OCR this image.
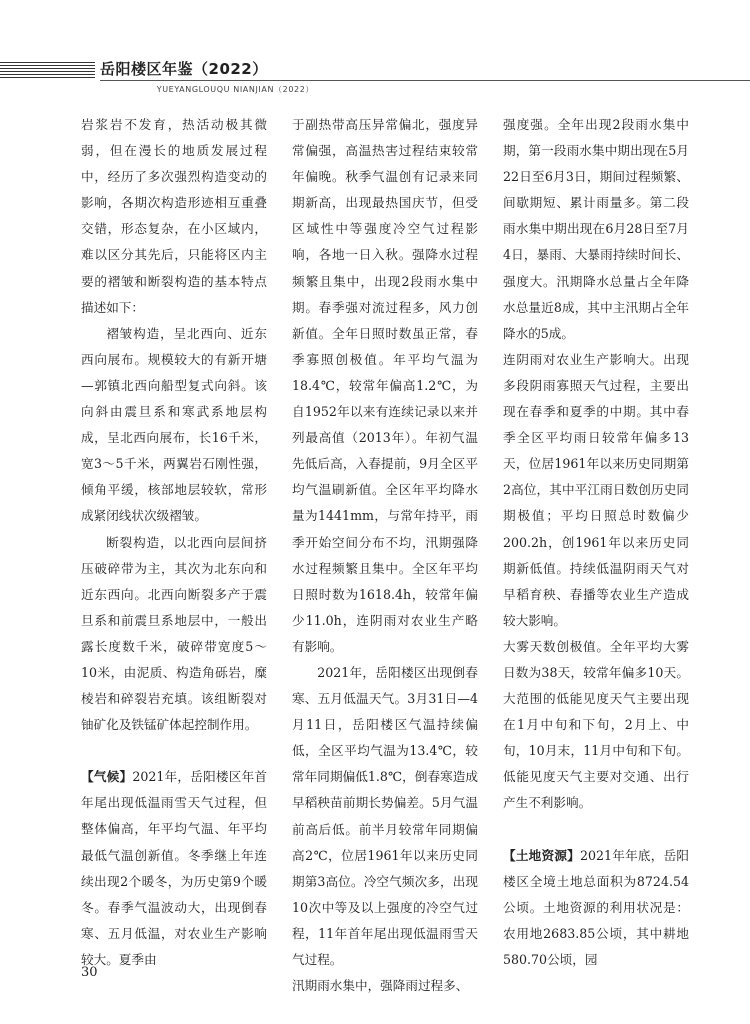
岳阳楼区年鉴（2022）
YUEYANGLOUQU NIANJIAN（2022）

岩浆岩不发育，热活动极其微弱，但在漫长的地质发展过程中，经历了多次强烈构造变动的影响，各期次构造形迹相互重叠交错，形态复杂，在小区域内，难以区分其先后，只能将区内主要的褶皱和断裂构造的基本特点描述如下：

褶皱构造，呈北西向、近东西向展布。规模较大的有新开塘—郭镇北西向船型复式向斜。该向斜由震旦系和寒武系地层构成，呈北西向展布，长16千米，宽3～5千米，两翼岩石刚性强，倾角平缓，核部地层较软，常形成紧闭线状次级褶皱。

断裂构造，以北西向层间挤压破碎带为主，其次为北东向和近东西向。北西向断裂多产于震旦系和前震旦系地层中，一般出露长度数千米，破碎带宽度5～10米，由泥质、构造角砾岩，糜棱岩和碎裂岩充填。该组断裂对铀矿化及铁锰矿体起控制作用。

【气候】2021年，岳阳楼区年首年尾出现低温雨雪天气过程，但整体偏高，年平均气温、年平均最低气温创新值。冬季继上年连续出现2个暖冬，为历史第9个暖冬。春季气温波动大，出现倒春寒、五月低温，对农业生产影响较大。夏季由

于副热带高压异常偏北，强度异常偏强，高温热害过程结束较常年偏晚。秋季气温创有记录来同期新高，出现最热国庆节，但受区域性中等强度冷空气过程影响，各地一日入秋。强降水过程频繁且集中，出现2段雨水集中期。春季强对流过程多，风力创新值。全年日照时数虽正常，春季寡照创极值。年平均气温为18.4℃，较常年偏高1.2℃，为自1952年以来有连续记录以来并列最高值（2013年）。年初气温先低后高，入春提前，9月全区平均气温刷新值。全区年平均降水量为1441mm，与常年持平，雨季开始空间分布不均，汛期强降水过程频繁且集中。全区年平均日照时数为1618.4h，较常年偏少11.0h，连阴雨对农业生产略有影响。

2021年，岳阳楼区出现倒春寒、五月低温天气。3月31日—4月11日，岳阳楼区气温持续偏低，全区平均气温为13.4℃，较常年同期偏低1.8℃，倒春寒造成早稻秧苗前期长势偏差。5月气温前高后低。前半月较常年同期偏高2℃，位居1961年以来历史同期第3高位。冷空气频次多，出现10次中等及以上强度的冷空气过程，11年首年尾出现低温雨雪天气过程。

汛期雨水集中，强降雨过程多、

强度强。全年出现2段雨水集中期，第一段雨水集中期出现在5月22日至6月3日，期间过程频繁、间歇期短、累计雨量多。第二段雨水集中期出现在6月28日至7月4日，暴雨、大暴雨持续时间长、强度大。汛期降水总量占全年降水总量近8成，其中主汛期占全年降水的5成。

连阴雨对农业生产影响大。出现多段阴雨寡照天气过程，主要出现在春季和夏季的中期。其中春季全区平均雨日较常年偏多13天，位居1961年以来历史同期第2高位，其中平江雨日数创历史同期极值；平均日照总时数偏少200.2h，创1961年以来历史同期新低值。持续低温阴雨天气对早稻育秧、春播等农业生产造成较大影响。

大雾天数创极值。全年平均大雾日数为38天，较常年偏多10天。大范围的低能见度天气主要出现在1月中旬和下旬，2月上、中旬，10月末，11月中旬和下旬。低能见度天气主要对交通、出行产生不利影响。

【土地资源】2021年年底，岳阳楼区全境土地总面积为8724.54公顷。土地资源的利用状况是：农用地2683.85公顷，其中耕地580.70公顷，园

30
